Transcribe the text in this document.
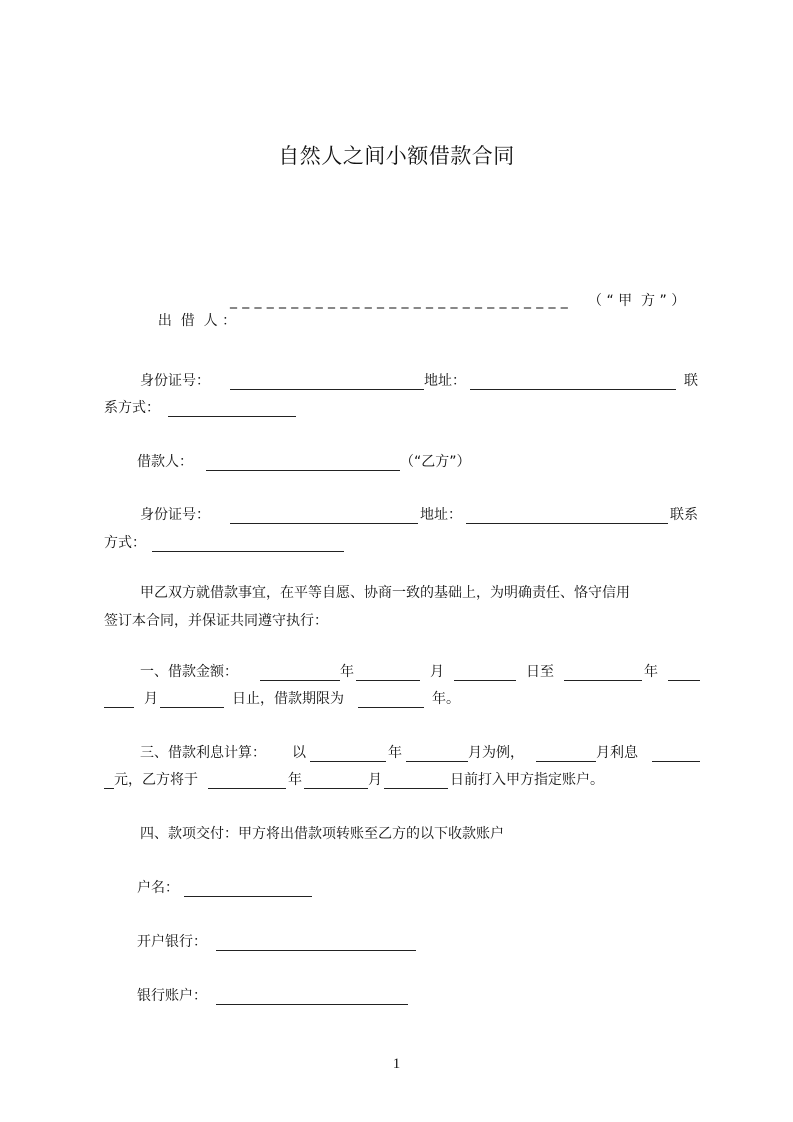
自然人之间小额借款合同

出  借  人 ：

_ _ _ _ _ _ _ _ _ _ _ _ _ _ _ _ _ _ _ _ _ _ _ _ _ _ _ _ （ “ 甲  方 ” ）
身份证号：	地址：	联
系方式：
借款人：	（“乙方”）
身份证号：	地址：	联系
方式：
甲乙双方就借款事宜，在平等自愿、协商一致的基础上，为明确责任、恪守信用
签订本合同，并保证共同遵守执行：
一、借款金额：	年	月	日至	年
月	日止，借款期限为	年。
三、借款利息计算： 以	年	月为例，	月利息
元，乙方将于	年	月	日前打入甲方指定账户。
四、款项交付：甲方将出借款项转账至乙方的以下收款账户
户名：
开户银行：
银行账户：
1
